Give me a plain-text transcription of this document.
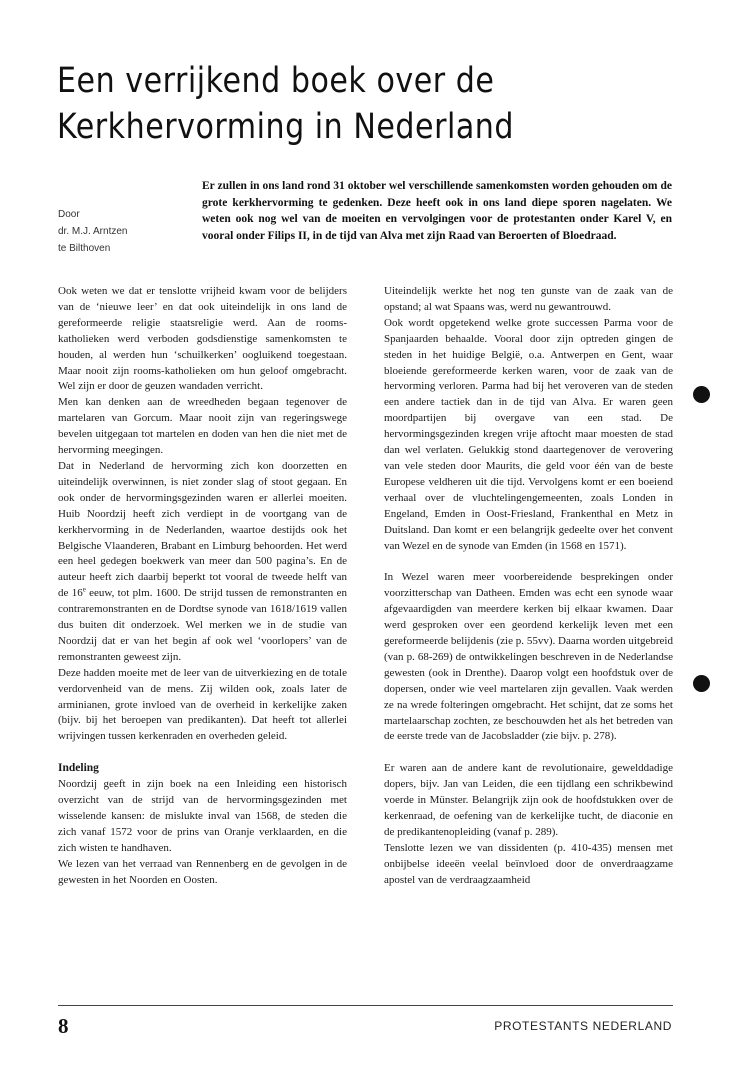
Een verrijkend boek over de
Kerkhervorming in Nederland
Door
dr. M.J. Arntzen
te Bilthoven
Er zullen in ons land rond 31 oktober wel verschillende samenkomsten worden gehouden om de grote kerkhervorming te gedenken. Deze heeft ook in ons land diepe sporen nagelaten. We weten ook nog wel van de moeiten en vervolgingen voor de protestanten onder Karel V, en vooral onder Filips II, in de tijd van Alva met zijn Raad van Beroerten of Bloedraad.

Ook weten we dat er tenslotte vrijheid kwam voor de belijders van de ‘nieuwe leer’ en dat ook uiteindelijk in ons land de gereformeerde religie staatsreligie werd. Aan de rooms-katholieken werd verboden godsdienstige samenkomsten te houden, al werden hun ‘schuilkerken’ oogluikend toegestaan. Maar nooit zijn rooms-katholieken om hun geloof omgebracht. Wel zijn er door de geuzen wandaden verricht.

Men kan denken aan de wreedheden begaan tegenover de martelaren van Gorcum. Maar nooit zijn van regeringswege bevelen uitgegaan tot martelen en doden van hen die niet met de hervorming meegingen.

Dat in Nederland de hervorming zich kon doorzetten en uiteindelijk overwinnen, is niet zonder slag of stoot gegaan. En ook onder de hervormingsgezinden waren er allerlei moeiten. Huib Noordzij heeft zich verdiept in de voortgang van de kerkhervorming in de Nederlanden, waartoe destijds ook het Belgische Vlaanderen, Brabant en Limburg behoorden. Het werd een heel gedegen boekwerk van meer dan 500 pagina’s. En de auteur heeft zich daarbij beperkt tot vooral de tweede helft van de 16e eeuw, tot plm. 1600. De strijd tussen de remonstranten en contraremonstranten en de Dordtse synode van 1618/1619 vallen dus buiten dit onderzoek. Wel merken we in de studie van Noordzij dat er van het begin af ook wel ‘voorlopers’ van de remonstranten geweest zijn.

Deze hadden moeite met de leer van de uitverkiezing en de totale verdorvenheid van de mens. Zij wilden ook, zoals later de arminianen, grote invloed van de overheid in kerkelijke zaken (bijv. bij het beroepen van predikanten). Dat heeft tot allerlei wrijvingen tussen kerkenraden en overheden geleid.

Indeling

Noordzij geeft in zijn boek na een Inleiding een historisch overzicht van de strijd van de hervormingsgezinden met wisselende kansen: de mislukte inval van 1568, de steden die zich vanaf 1572 voor de prins van Oranje verklaarden, en die zich wisten te handhaven.

We lezen van het verraad van Rennenberg en de gevolgen in de gewesten in het Noorden en Oosten.

Uiteindelijk werkte het nog ten gunste van de zaak van de opstand; al wat Spaans was, werd nu gewantrouwd.

Ook wordt opgetekend welke grote successen Parma voor de Spanjaarden behaalde. Vooral door zijn optreden gingen de steden in het huidige België, o.a. Antwerpen en Gent, waar bloeiende gereformeerde kerken waren, voor de zaak van de hervorming verloren. Parma had bij het veroveren van de steden een andere tactiek dan in de tijd van Alva. Er waren geen moordpartijen bij overgave van een stad. De hervormingsgezinden kregen vrije aftocht maar moesten de stad dan wel verlaten. Gelukkig stond daartegenover de verovering van vele steden door Maurits, die geld voor één van de beste Europese veldheren uit die tijd. Vervolgens komt er een boeiend verhaal over de vluchtelingengemeenten, zoals Londen in Engeland, Emden in Oost-Friesland, Frankenthal en Metz in Duitsland. Dan komt er een belangrijk gedeelte over het convent van Wezel en de synode van Emden (in 1568 en 1571).

In Wezel waren meer voorbereidende besprekingen onder voorzitterschap van Datheen. Emden was echt een synode waar afgevaardigden van meerdere kerken bij elkaar kwamen. Daar werd gesproken over een geordend kerkelijk leven met een gereformeerde belijdenis (zie p. 55vv). Daarna worden uitgebreid (van p. 68-269) de ontwikkelingen beschreven in de Nederlandse gewesten (ook in Drenthe). Daarop volgt een hoofdstuk over de dopersen, onder wie veel martelaren zijn gevallen. Vaak werden ze na wrede folteringen omgebracht. Het schijnt, dat ze soms het martelaarschap zochten, ze beschouwden het als het betreden van de eerste trede van de Jacobsladder (zie bijv. p. 278).

Er waren aan de andere kant de revolutionaire, gewelddadige dopers, bijv. Jan van Leiden, die een tijdlang een schrikbewind voerde in Münster. Belangrijk zijn ook de hoofdstukken over de kerkenraad, de oefening van de kerkelijke tucht, de diaconie en de predikantenopleiding (vanaf p. 289).

Tenslotte lezen we van dissidenten (p. 410-435) mensen met onbijbelse ideeën veelal beïnvloed door de onverdraagzame apostel van de verdraagzaamheid

8	PROTESTANTS NEDERLAND
